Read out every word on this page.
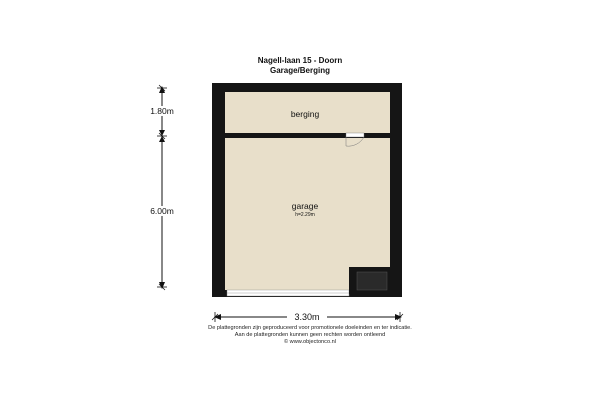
Nagell-laan 15 - Doorn
Garage/Berging
1.80m
6.00m
3.30m
berging
garage
h=2.29m
De plattegronden zijn geproduceerd voor promotionele doeleinden en ter indicatie.
Aan de plattegronden kunnen geen rechten worden ontleend
© www.objectonco.nl
